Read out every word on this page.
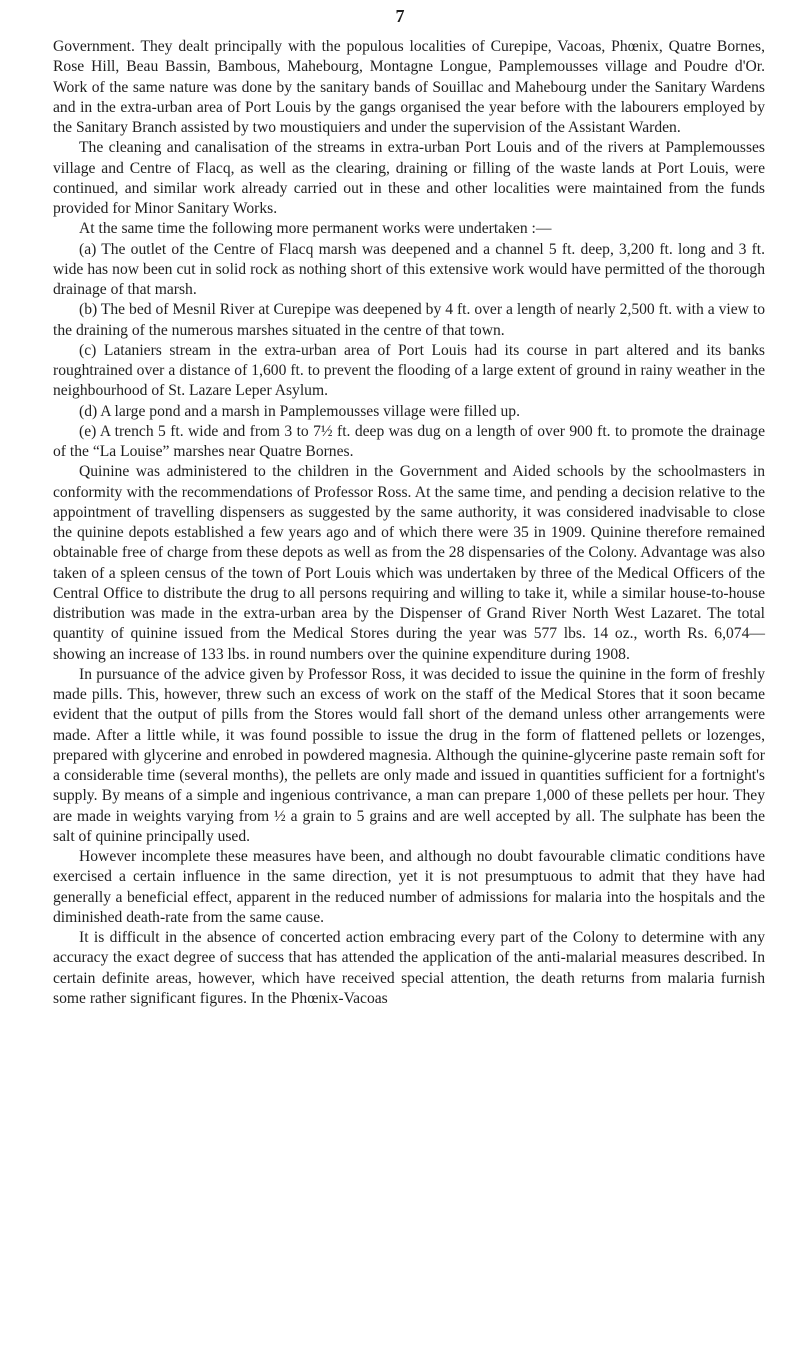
7

Government. They dealt principally with the populous localities of Curepipe, Vacoas, Phœnix, Quatre Bornes, Rose Hill, Beau Bassin, Bambous, Mahebourg, Montagne Longue, Pamplemousses village and Poudre d'Or. Work of the same nature was done by the sanitary bands of Souillac and Mahebourg under the Sanitary Wardens and in the extra-urban area of Port Louis by the gangs organised the year before with the labourers employed by the Sanitary Branch assisted by two moustiquiers and under the supervision of the Assistant Warden.

The cleaning and canalisation of the streams in extra-urban Port Louis and of the rivers at Pamplemousses village and Centre of Flacq, as well as the clearing, draining or filling of the waste lands at Port Louis, were continued, and similar work already carried out in these and other localities were maintained from the funds provided for Minor Sanitary Works.

At the same time the following more permanent works were undertaken :—

(a) The outlet of the Centre of Flacq marsh was deepened and a channel 5 ft. deep, 3,200 ft. long and 3 ft. wide has now been cut in solid rock as nothing short of this extensive work would have permitted of the thorough drainage of that marsh.

(b) The bed of Mesnil River at Curepipe was deepened by 4 ft. over a length of nearly 2,500 ft. with a view to the draining of the numerous marshes situated in the centre of that town.

(c) Lataniers stream in the extra-urban area of Port Louis had its course in part altered and its banks roughtrained over a distance of 1,600 ft. to prevent the flooding of a large extent of ground in rainy weather in the neighbourhood of St. Lazare Leper Asylum.

(d) A large pond and a marsh in Pamplemousses village were filled up.

(e) A trench 5 ft. wide and from 3 to 7½ ft. deep was dug on a length of over 900 ft. to promote the drainage of the “La Louise” marshes near Quatre Bornes.

Quinine was administered to the children in the Government and Aided schools by the schoolmasters in conformity with the recommendations of Professor Ross. At the same time, and pending a decision relative to the appointment of travelling dispensers as suggested by the same authority, it was considered inadvisable to close the quinine depots established a few years ago and of which there were 35 in 1909. Quinine therefore remained obtainable free of charge from these depots as well as from the 28 dispensaries of the Colony. Advantage was also taken of a spleen census of the town of Port Louis which was undertaken by three of the Medical Officers of the Central Office to distribute the drug to all persons requiring and willing to take it, while a similar house-to-house distribution was made in the extra-urban area by the Dispenser of Grand River North West Lazaret. The total quantity of quinine issued from the Medical Stores during the year was 577 lbs. 14 oz., worth Rs. 6,074—showing an increase of 133 lbs. in round numbers over the quinine expenditure during 1908.

In pursuance of the advice given by Professor Ross, it was decided to issue the quinine in the form of freshly made pills. This, however, threw such an excess of work on the staff of the Medical Stores that it soon became evident that the output of pills from the Stores would fall short of the demand unless other arrangements were made. After a little while, it was found possible to issue the drug in the form of flattened pellets or lozenges, prepared with glycerine and enrobed in powdered magnesia. Although the quinine-glycerine paste remain soft for a considerable time (several months), the pellets are only made and issued in quantities sufficient for a fortnight's supply. By means of a simple and ingenious contrivance, a man can prepare 1,000 of these pellets per hour. They are made in weights varying from ½ a grain to 5 grains and are well accepted by all. The sulphate has been the salt of quinine principally used.

However incomplete these measures have been, and although no doubt favourable climatic conditions have exercised a certain influence in the same direction, yet it is not presumptuous to admit that they have had generally a beneficial effect, apparent in the reduced number of admissions for malaria into the hospitals and the diminished death-rate from the same cause.

It is difficult in the absence of concerted action embracing every part of the Colony to determine with any accuracy the exact degree of success that has attended the application of the anti-malarial measures described. In certain definite areas, however, which have received special attention, the death returns from malaria furnish some rather significant figures. In the Phœnix-Vacoas
